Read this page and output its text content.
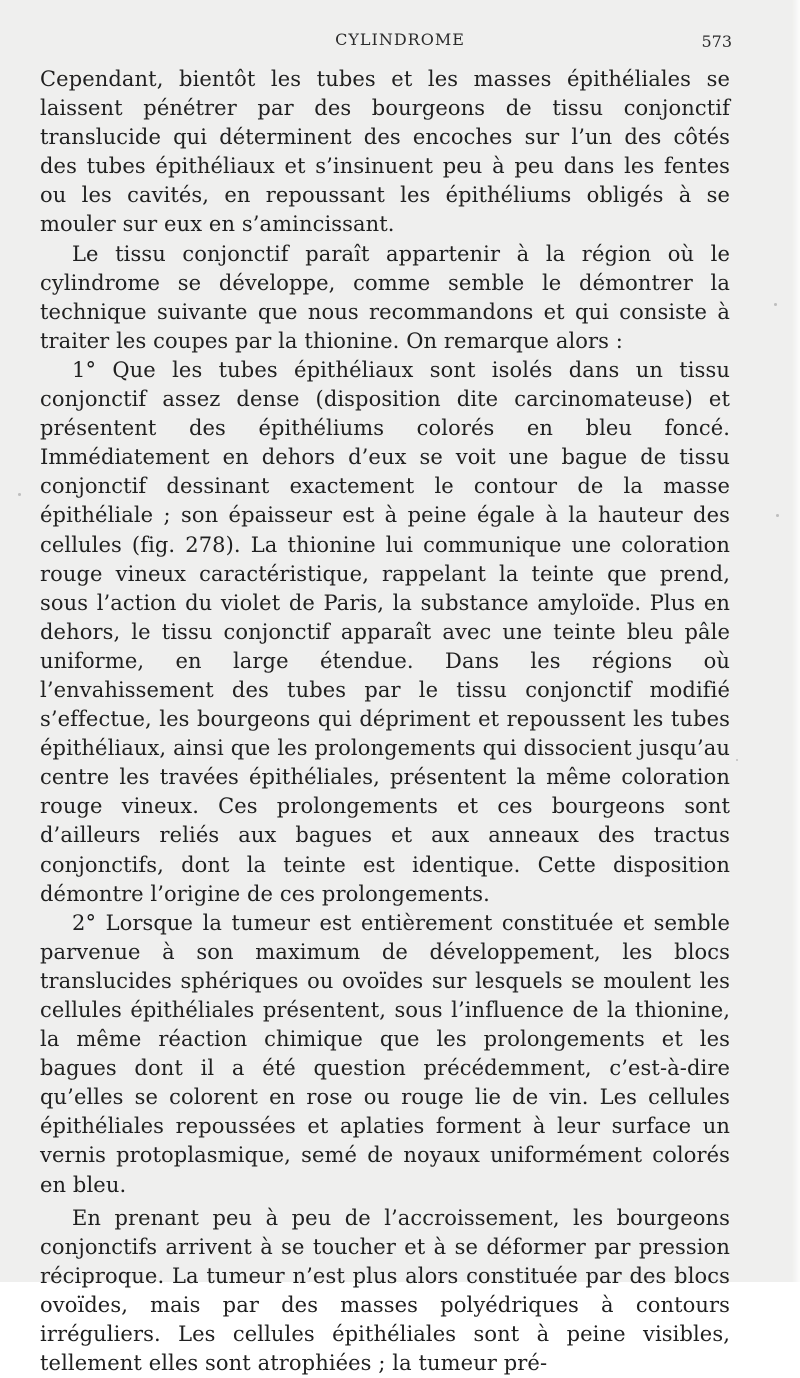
CYLINDROME	573

Cependant, bientôt les tubes et les masses épithéliales se laissent pénétrer par des bourgeons de tissu conjonctif translucide qui déterminent des encoches sur l’un des côtés des tubes épithéliaux et s’insinuent peu à peu dans les fentes ou les cavités, en repoussant les épithéliums obligés à se mouler sur eux en s’amincissant.

Le tissu conjonctif paraît appartenir à la région où le cylindrome se développe, comme semble le démontrer la technique suivante que nous recommandons et qui consiste à traiter les coupes par la thionine. On remarque alors :

1° Que les tubes épithéliaux sont isolés dans un tissu conjonctif assez dense (disposition dite carcinomateuse) et présentent des épithéliums colorés en bleu foncé. Immédiatement en dehors d’eux se voit une bague de tissu conjonctif dessinant exactement le contour de la masse épithéliale ; son épaisseur est à peine égale à la hauteur des cellules (fig. 278). La thionine lui communique une coloration rouge vineux caractéristique, rappelant la teinte que prend, sous l’action du violet de Paris, la substance amyloïde. Plus en dehors, le tissu conjonctif apparaît avec une teinte bleu pâle uniforme, en large étendue. Dans les régions où l’envahissement des tubes par le tissu conjonctif modifié s’effectue, les bourgeons qui dépriment et repoussent les tubes épithéliaux, ainsi que les prolongements qui dissocient jusqu’au centre les travées épithéliales, présentent la même coloration rouge vineux. Ces prolongements et ces bourgeons sont d’ailleurs reliés aux bagues et aux anneaux des tractus conjonctifs, dont la teinte est identique. Cette disposition démontre l’origine de ces prolongements.

2° Lorsque la tumeur est entièrement constituée et semble parvenue à son maximum de développement, les blocs translucides sphériques ou ovoïdes sur lesquels se moulent les cellules épithéliales présentent, sous l’influence de la thionine, la même réaction chimique que les prolongements et les bagues dont il a été question précédemment, c’est-à-dire qu’elles se colorent en rose ou rouge lie de vin. Les cellules épithéliales repoussées et aplaties forment à leur surface un vernis protoplasmique, semé de noyaux uniformément colorés en bleu.

En prenant peu à peu de l’accroissement, les bourgeons conjonctifs arrivent à se toucher et à se déformer par pression réciproque. La tumeur n’est plus alors constituée par des blocs ovoïdes, mais par des masses polyédriques à contours irréguliers. Les cellules épithéliales sont à peine visibles, tellement elles sont atrophiées ; la tumeur pré-
